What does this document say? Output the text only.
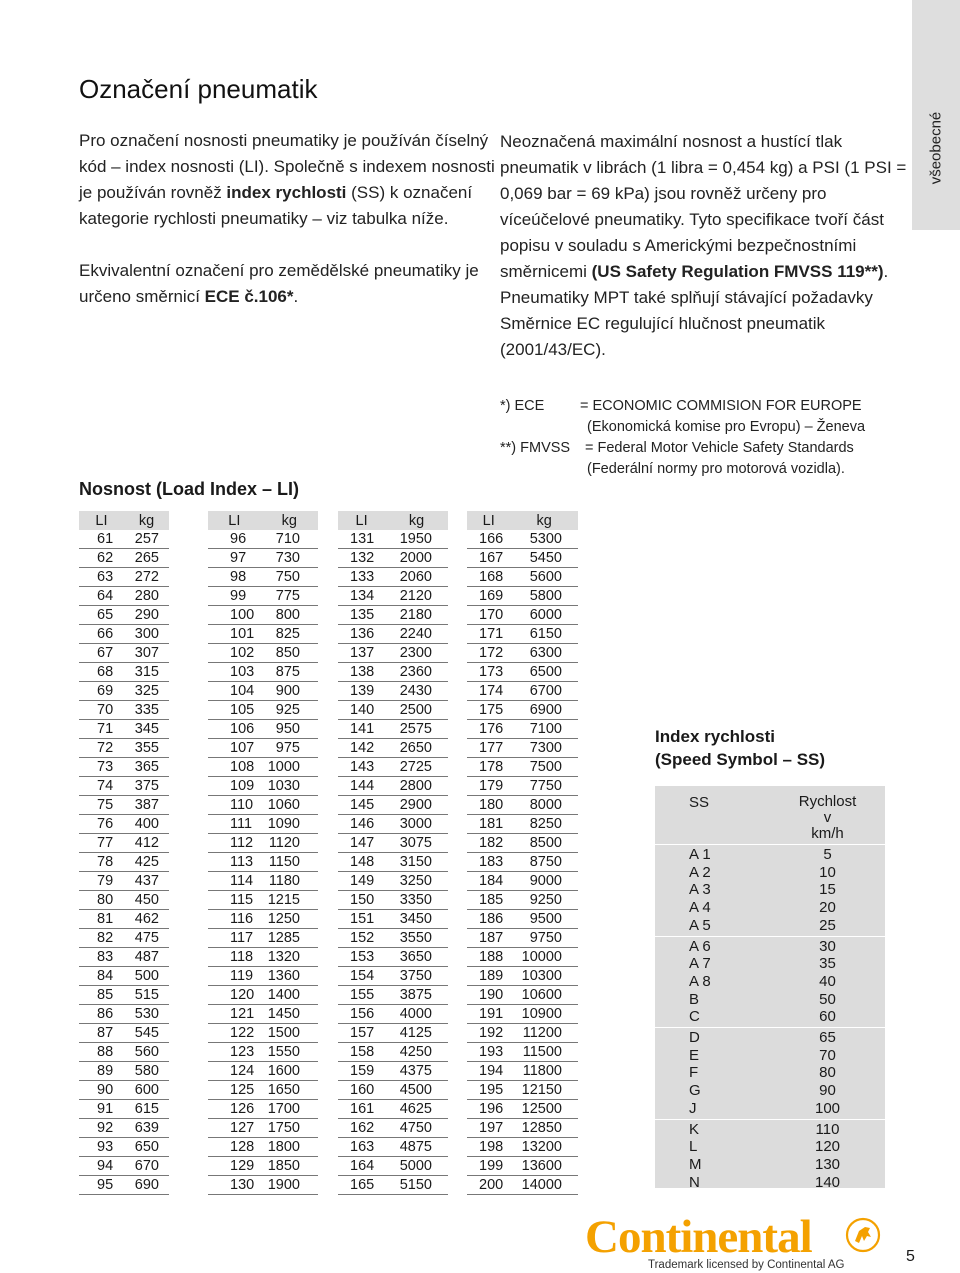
Označení pneumatik
všeobecné

Pro označení nosnosti pneumatiky je používán číselný kód – index nosnosti (LI). Společně s indexem nosnosti je používán rovněž index rychlosti (SS) k označení kategorie rychlosti pneumatiky – viz tabulka níže.

Ekvivalentní označení pro zemědělské pneumatiky je určeno směrnicí ECE č.106*.

Neoznačená maximální nosnost a hustící tlak pneumatik v librách (1 libra = 0,454 kg) a PSI (1 PSI = 0,069 bar = 69 kPa) jsou rovněž určeny pro víceúčelové pneumatiky. Tyto specifikace tvoří část popisu v souladu s Americkými bezpečnostními směrnicemi (US Safety Regulation FMVSS 119**). Pneumatiky MPT také splňují stávající požadavky Směrnice EC regulující hlučnost pneumatik (2001/43/EC).

*) ECE	= ECONOMIC COMMISION FOR EUROPE
(Ekonomická komise pro Evropu) – Ženeva
**) FMVSS	= Federal Motor Vehicle Safety Standards
(Federální normy pro motorová vozidla).
Nosnost (Load Index – LI)
LI	kg
61	257
62	265
63	272
64	280
65	290
66	300
67	307
68	315
69	325
70	335
71	345
72	355
73	365
74	375
75	387
76	400
77	412
78	425
79	437
80	450
81	462
82	475
83	487
84	500
85	515
86	530
87	545
88	560
89	580
90	600
91	615
92	639
93	650
94	670
95	690
LI	kg
96	710
97	730
98	750
99	775
100	800
101	825
102	850
103	875
104	900
105	925
106	950
107	975
108	1000
109	1030
110	1060
111	1090
112	1120
113	1150
114	1180
115	1215
116	1250
117	1285
118	1320
119	1360
120	1400
121	1450
122	1500
123	1550
124	1600
125	1650
126	1700
127	1750
128	1800
129	1850
130	1900
LI	kg
131	1950
132	2000
133	2060
134	2120
135	2180
136	2240
137	2300
138	2360
139	2430
140	2500
141	2575
142	2650
143	2725
144	2800
145	2900
146	3000
147	3075
148	3150
149	3250
150	3350
151	3450
152	3550
153	3650
154	3750
155	3875
156	4000
157	4125
158	4250
159	4375
160	4500
161	4625
162	4750
163	4875
164	5000
165	5150
LI	kg
166	5300
167	5450
168	5600
169	5800
170	6000
171	6150
172	6300
173	6500
174	6700
175	6900
176	7100
177	7300
178	7500
179	7750
180	8000
181	8250
182	8500
183	8750
184	9000
185	9250
186	9500
187	9750
188	10000
189	10300
190	10600
191	10900
192	11200
193	11500
194	11800
195	12150
196	12500
197	12850
198	13200
199	13600
200	14000
Index rychlosti
(Speed Symbol – SS)
SS	Rychlost
v
km/h
A 1	5
A 2	10
A 3	15
A 4	20
A 5	25
A 6	30
A 7	35
A 8	40
B	50
C	60
D	65
E	70
F	80
G	90
J	100
K	110
L	120
M	130
N	140
Continental
Trademark licensed by Continental AG	5
